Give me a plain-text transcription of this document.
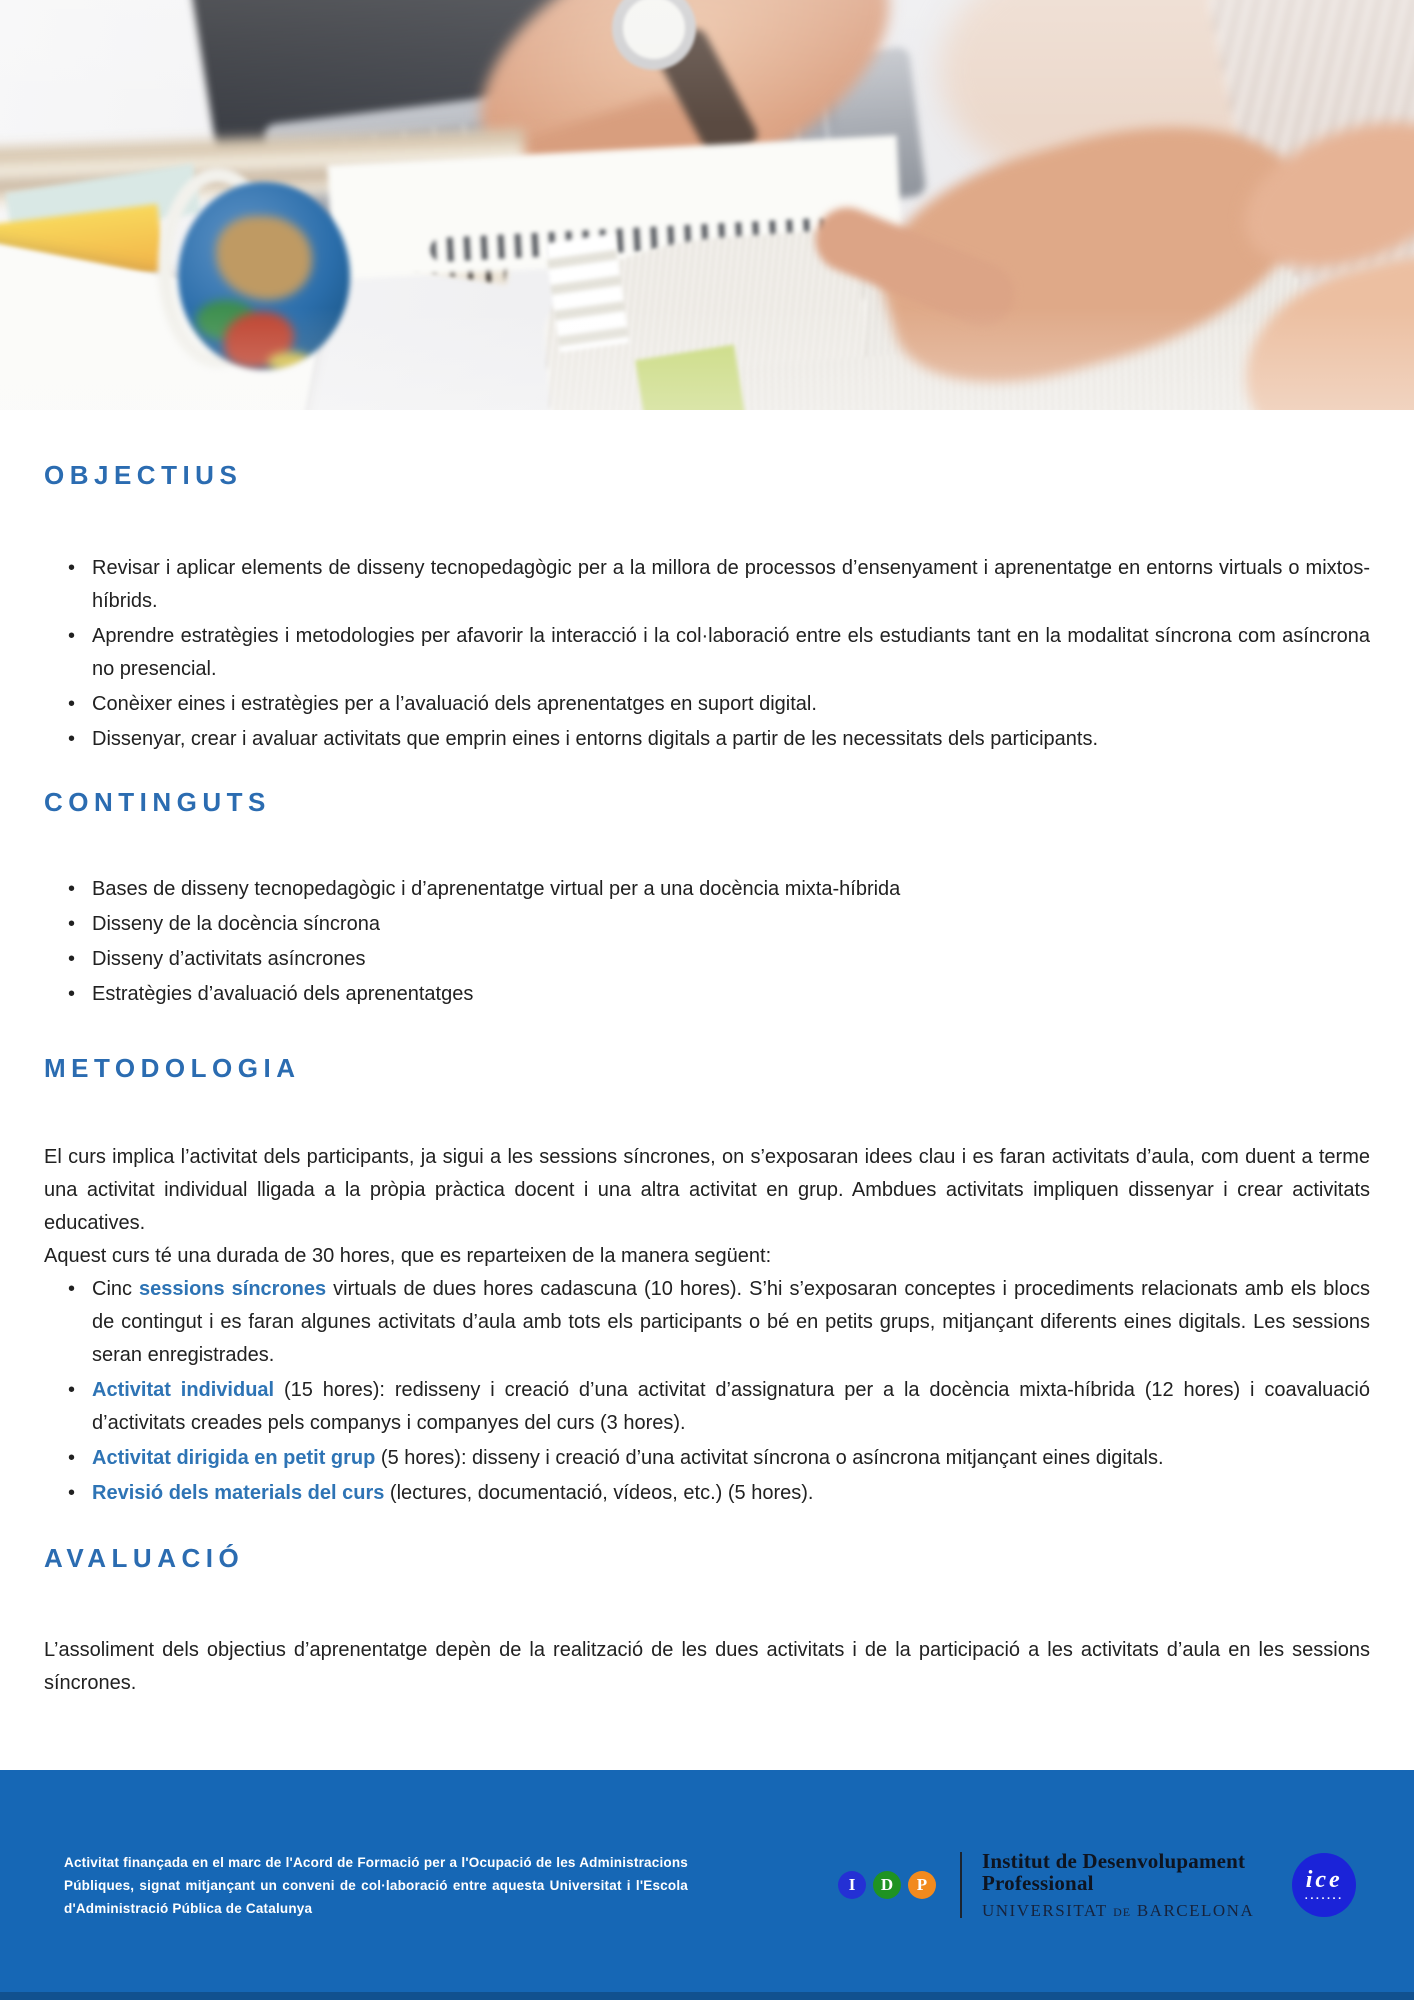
OBJECTIUS
• Revisar i aplicar elements de disseny tecnopedagògic per a la millora de processos d’ensenyament i aprenentatge en entorns virtuals o mixtos-híbrids.
• Aprendre estratègies i metodologies per afavorir la interacció i la col·laboració entre els estudiants tant en la modalitat síncrona com asíncrona no presencial.
• Conèixer eines i estratègies per a l’avaluació dels aprenentatges en suport digital.
• Dissenyar, crear i avaluar activitats que emprin eines i entorns digitals a partir de les necessitats dels participants.
CONTINGUTS
• Bases de disseny tecnopedagògic i d’aprenentatge virtual per a una docència mixta-híbrida
• Disseny de la docència síncrona
• Disseny d’activitats asíncrones
• Estratègies d’avaluació dels aprenentatges
METODOLOGIA

El curs implica l’activitat dels participants, ja sigui a les sessions síncrones, on s’exposaran idees clau i es faran activitats d’aula, com duent a terme una activitat individual lligada a la pròpia pràctica docent i una altra activitat en grup. Ambdues activitats impliquen dissenyar i crear activitats educatives.

Aquest curs té una durada de 30 hores, que es reparteixen de la manera següent:

• Cinc sessions síncrones virtuals de dues hores cadascuna (10 hores). S’hi s’exposaran conceptes i procediments relacionats amb els blocs de contingut i es faran algunes activitats d’aula amb tots els participants o bé en petits grups, mitjançant diferents eines digitals. Les sessions seran enregistrades.
• Activitat individual (15 hores): redisseny i creació d’una activitat d’assignatura per a la docència mixta-híbrida (12 hores) i coavaluació d’activitats creades pels companys i companyes del curs (3 hores).
• Activitat dirigida en petit grup (5 hores): disseny i creació d’una activitat síncrona o asíncrona mitjançant eines digitals.
• Revisió dels materials del curs (lectures, documentació, vídeos, etc.) (5 hores).
AVALUACIÓ

L’assoliment dels objectius d’aprenentatge depèn de la realització de les dues activitats i de la participació a les activitats d’aula en les sessions síncrones.

Activitat finançada en el marc de l'Acord de Formació per a l'Ocupació de les Administracions Públiques, signat mitjançant un conveni de col·laboració entre aquesta Universitat i l'Escola d'Administració Pública de Catalunya

I	D	P
Institut de Desenvolupament
Professional
UNIVERSITAT DE BARCELONA
ice
.......
